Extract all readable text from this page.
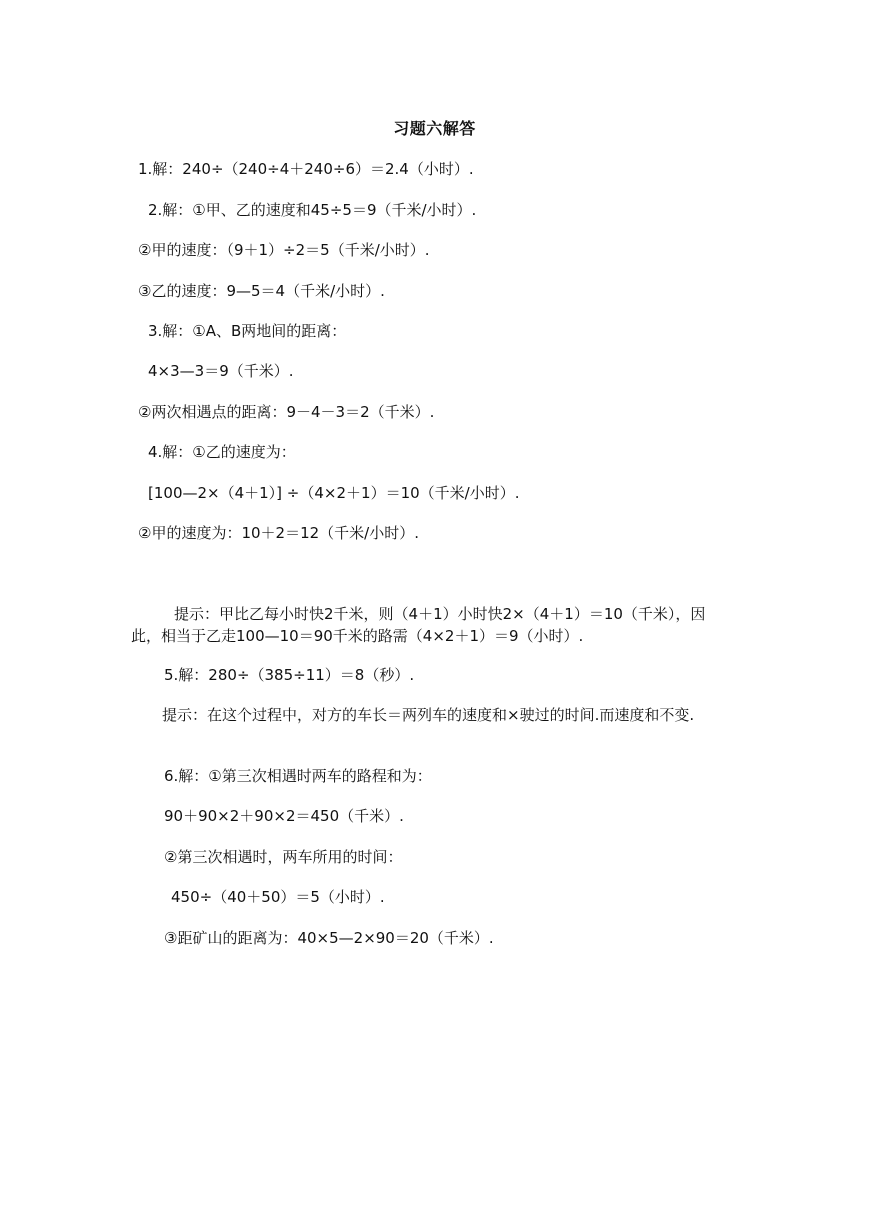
习题六解答
1.解：240÷（240÷4＋240÷6）＝2.4（小时）.
2.解：①甲、乙的速度和45÷5＝9（千米/小时）.
②甲的速度：（9＋1）÷2＝5（千米/小时）.
③乙的速度：9—5＝4（千米/小时）.
3.解：①A、B两地间的距离：
4×3—3＝9（千米）.
②两次相遇点的距离：9－4－3＝2（千米）.
4.解：①乙的速度为：
[100—2×（4＋1）] ÷（4×2＋1）＝10（千米/小时）.
②甲的速度为：10＋2＝12（千米/小时）.
提示：甲比乙每小时快2千米，则（4＋1）小时快2×（4＋1）＝10（千米），因此，相当于乙走100—10＝90千米的路需（4×2＋1）＝9（小时）.
5.解：280÷（385÷11）＝8（秒）.
提示：在这个过程中，对方的车长＝两列车的速度和×驶过的时间.而速度和不变.
6.解：①第三次相遇时两车的路程和为：
90＋90×2＋90×2＝450（千米）.
②第三次相遇时，两车所用的时间：
450÷（40＋50）＝5（小时）.
③距矿山的距离为：40×5—2×90＝20（千米）.
